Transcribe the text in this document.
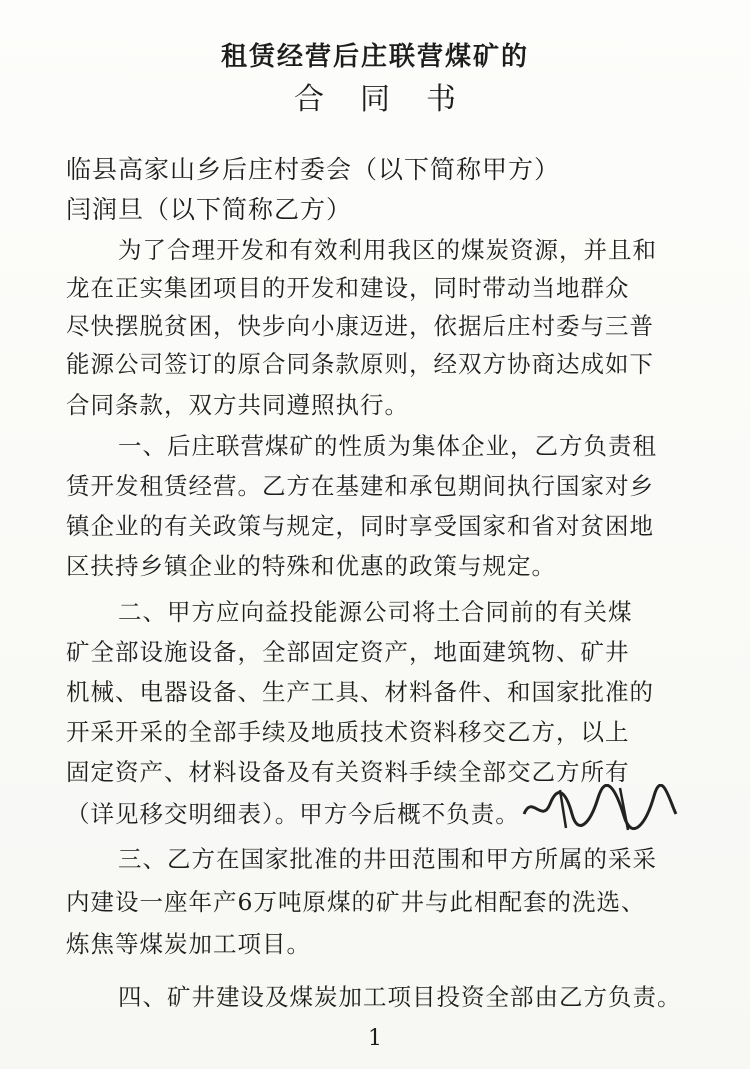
租赁经营后庄联营煤矿的
合同书
临县高家山乡后庄村委会（以下简称甲方）
闫润旦（以下简称乙方）
为了合理开发和有效利用我区的煤炭资源，并且和
龙在正实集团项目的开发和建设，同时带动当地群众
尽快摆脱贫困，快步向小康迈进，依据后庄村委与三普
能源公司签订的原合同条款原则，经双方协商达成如下
合同条款，双方共同遵照执行。
一、后庄联营煤矿的性质为集体企业，乙方负责租
赁开发租赁经营。乙方在基建和承包期间执行国家对乡
镇企业的有关政策与规定，同时享受国家和省对贫困地
区扶持乡镇企业的特殊和优惠的政策与规定。
二、甲方应向益投能源公司将土合同前的有关煤
矿全部设施设备，全部固定资产，地面建筑物、矿井
机械、电器设备、生产工具、材料备件、和国家批准的
开采开采的全部手续及地质技术资料移交乙方，以上
固定资产、材料设备及有关资料手续全部交乙方所有
（详见移交明细表）。甲方今后概不负责。
三、乙方在国家批准的井田范围和甲方所属的采采
内建设一座年产6万吨原煤的矿井与此相配套的洗选、
炼焦等煤炭加工项目。
四、矿井建设及煤炭加工项目投资全部由乙方负责。
1
